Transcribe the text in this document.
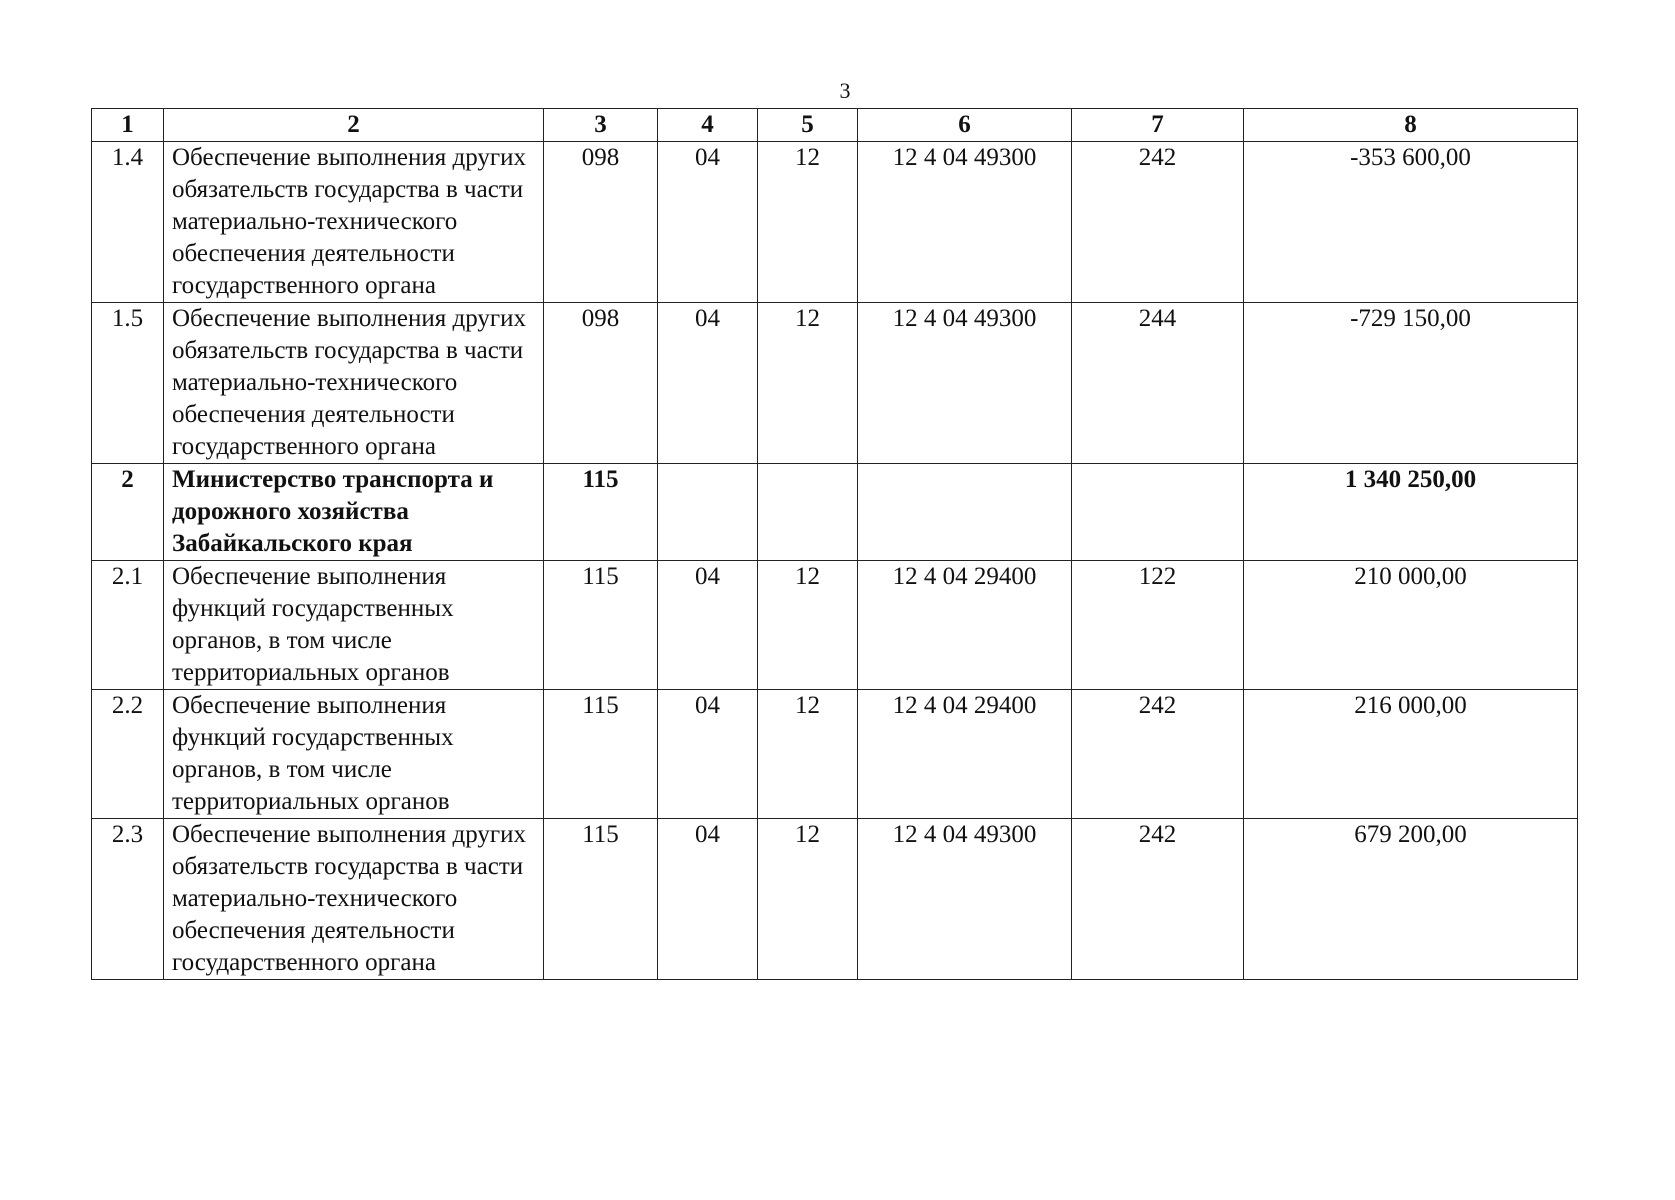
3
1	2	3	4	5	6	7	8
1.4	Обеспечение выполнения других обязательств государства в части материально-технического обеспечения деятельности государственного органа	098	04	12	12 4 04 49300	242	-353 600,00
1.5	Обеспечение выполнения других обязательств государства в части материально-технического обеспечения деятельности государственного органа	098	04	12	12 4 04 49300	244	-729 150,00
2	Министерство транспорта и дорожного хозяйства Забайкальского края	115					1 340 250,00
2.1	Обеспечение выполнения функций государственных органов, в том числе территориальных органов	115	04	12	12 4 04 29400	122	210 000,00
2.2	Обеспечение выполнения функций государственных органов, в том числе территориальных органов	115	04	12	12 4 04 29400	242	216 000,00
2.3	Обеспечение выполнения других обязательств государства в части материально-технического обеспечения деятельности государственного органа	115	04	12	12 4 04 49300	242	679 200,00
